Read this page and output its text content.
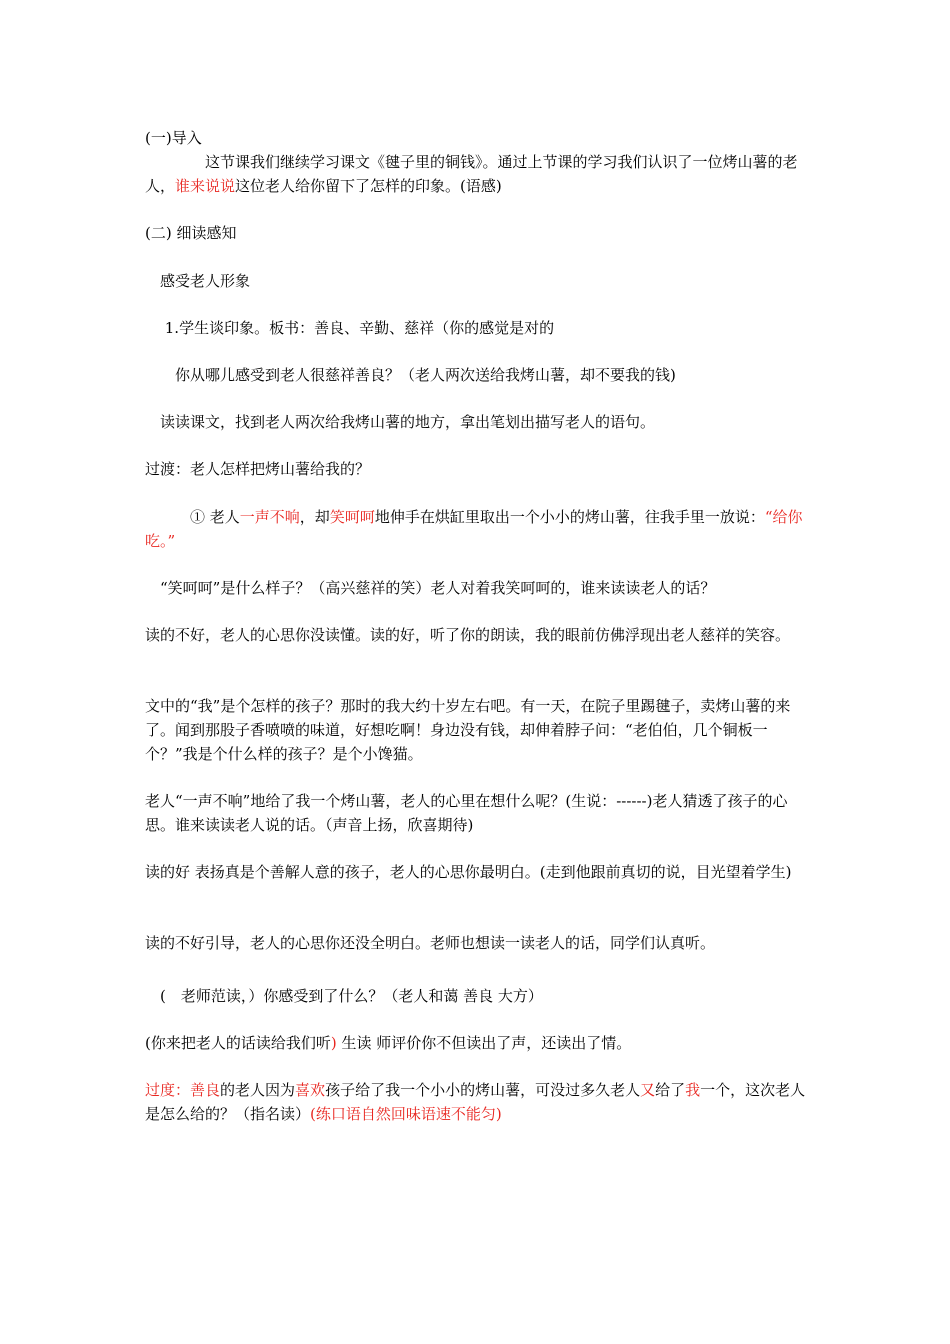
(一)导入

　　　　这节课我们继续学习课文《毽子里的铜钱》。通过上节课的学习我们认识了一位烤山薯的老人，谁来说说这位老人给你留下了怎样的印象。(语感)

(二) 细读感知

　感受老人形象

　 1.学生谈印象。板书：善良、辛勤、慈祥（你的感觉是对的

　　你从哪儿感受到老人很慈祥善良？（老人两次送给我烤山薯，却不要我的钱)

　读读课文，找到老人两次给我烤山薯的地方，拿出笔划出描写老人的语句。

过渡：老人怎样把烤山薯给我的？

　　　① 老人一声不响，却笑呵呵地伸手在烘缸里取出一个小小的烤山薯，往我手里一放说：“给你吃。”

　“笑呵呵”是什么样子？（高兴慈祥的笑）老人对着我笑呵呵的，谁来读读老人的话？

读的不好，老人的心思你没读懂。读的好，听了你的朗读，我的眼前仿佛浮现出老人慈祥的笑容。

文中的“我”是个怎样的孩子？那时的我大约十岁左右吧。有一天，在院子里踢毽子，卖烤山薯的来了。闻到那股子香喷喷的味道，好想吃啊！身边没有钱，却伸着脖子问：“老伯伯，几个铜板一个？”我是个什么样的孩子？是个小馋猫。

老人“一声不响”地给了我一个烤山薯，老人的心里在想什么呢？(生说：------)老人猜透了孩子的心思。谁来读读老人说的话。（声音上扬，欣喜期待)

读的好 表扬真是个善解人意的孩子，老人的心思你最明白。(走到他跟前真切的说，目光望着学生)

读的不好引导，老人的心思你还没全明白。老师也想读一读老人的话，同学们认真听。

　(　老师范读，）你感受到了什么？（老人和蔼 善良 大方）

(你来把老人的话读给我们听) 生读 师评价你不但读出了声，还读出了情。

过度：善良的老人因为喜欢孩子给了我一个小小的烤山薯，可没过多久老人又给了我一个，这次老人是怎么给的？（指名读）(练口语自然回味语速不能匀)
